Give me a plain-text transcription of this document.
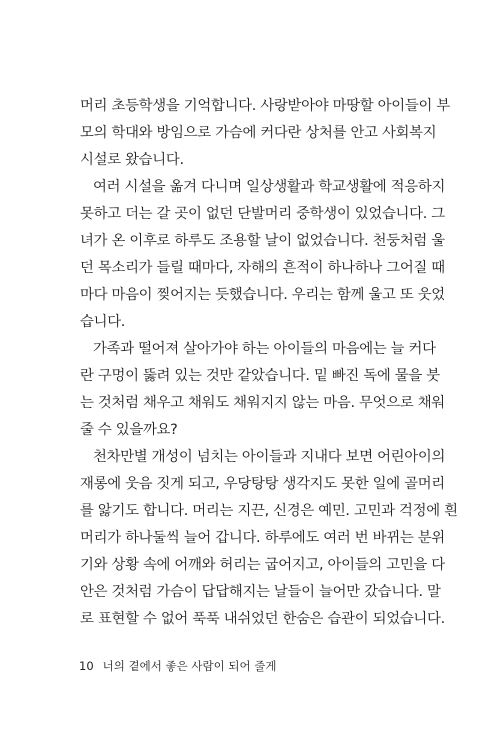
머리 초등학생을 기억합니다. 사랑받아야 마땅할 아이들이 부
모의 학대와 방임으로 가슴에 커다란 상처를 안고 사회복지
시설로 왔습니다.
여러 시설을 옮겨 다니며 일상생활과 학교생활에 적응하지
못하고 더는 갈 곳이 없던 단발머리 중학생이 있었습니다. 그
녀가 온 이후로 하루도 조용할 날이 없었습니다. 천둥처럼 울
던 목소리가 들릴 때마다, 자해의 흔적이 하나하나 그어질 때
마다 마음이 찢어지는 듯했습니다. 우리는 함께 울고 또 웃었
습니다.
가족과 떨어져 살아가야 하는 아이들의 마음에는 늘 커다
란 구멍이 뚫려 있는 것만 같았습니다. 밑 빠진 독에 물을 붓
는 것처럼 채우고 채워도 채워지지 않는 마음. 무엇으로 채워
줄 수 있을까요?
천차만별 개성이 넘치는 아이들과 지내다 보면 어린아이의
재롱에 웃음 짓게 되고, 우당탕탕 생각지도 못한 일에 골머리
를 앓기도 합니다. 머리는 지끈, 신경은 예민. 고민과 걱정에 흰
머리가 하나둘씩 늘어 갑니다. 하루에도 여러 번 바뀌는 분위
기와 상황 속에 어깨와 허리는 굽어지고, 아이들의 고민을 다
안은 것처럼 가슴이 답답해지는 날들이 늘어만 갔습니다. 말
로 표현할 수 없어 푹푹 내쉬었던 한숨은 습관이 되었습니다.
10 너의 곁에서 좋은 사람이 되어 줄게
